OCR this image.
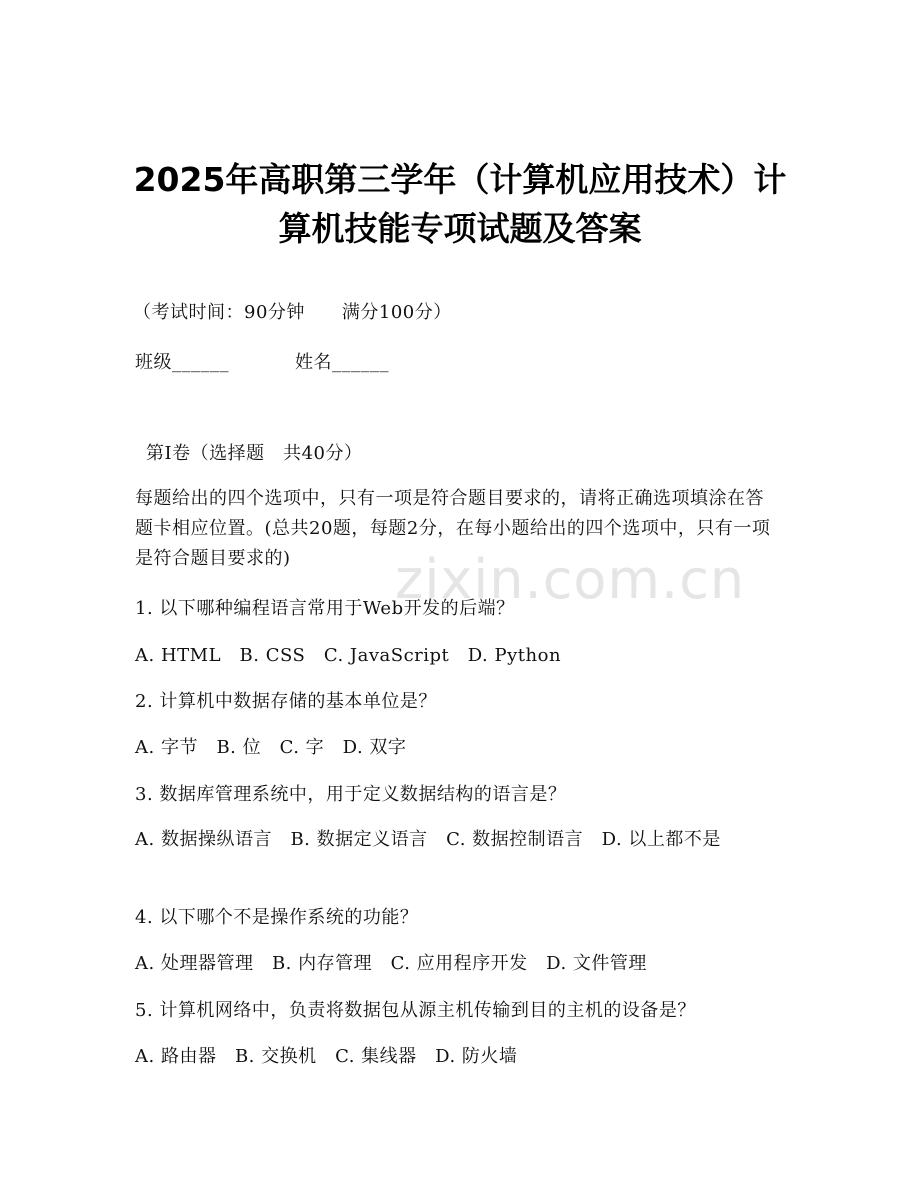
2025年高职第三学年（计算机应用技术）计
算机技能专项试题及答案
（考试时间：90分钟　　满分100分）
班级______	姓名______
第Ⅰ卷（选择题　共40分）
每题给出的四个选项中，只有一项是符合题目要求的，请将正确选项填涂在答题卡相应位置。(总共20题，每题2分，在每小题给出的四个选项中，只有一项是符合题目要求的)	zixin.com.cn
1. 以下哪种编程语言常用于Web开发的后端？
A. HTML　B. CSS　C. JavaScript　D. Python
2. 计算机中数据存储的基本单位是？
A. 字节　B. 位　C. 字　D. 双字
3. 数据库管理系统中，用于定义数据结构的语言是？
A. 数据操纵语言　B. 数据定义语言　C. 数据控制语言　D. 以上都不是
4. 以下哪个不是操作系统的功能？
A. 处理器管理　B. 内存管理　C. 应用程序开发　D. 文件管理
5. 计算机网络中，负责将数据包从源主机传输到目的主机的设备是？
A. 路由器　B. 交换机　C. 集线器　D. 防火墙
